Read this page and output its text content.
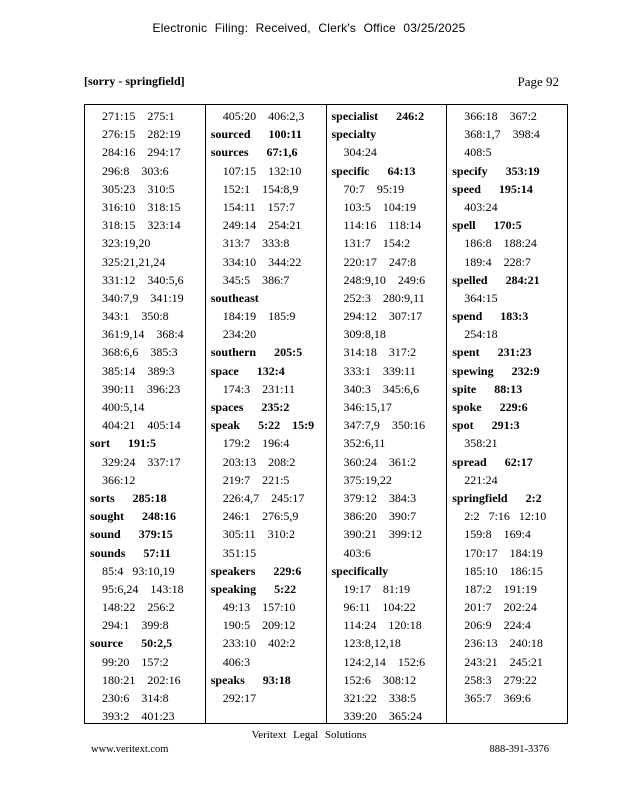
Electronic Filing: Received, Clerk's Office 03/25/2025
[sorry - springfield]	Page 92
271:15    275:1
276:15    282:19
284:16    294:17
296:8    303:6
305:23    310:5
316:10    318:15
318:15    323:14
323:19,20
325:21,21,24
331:12    340:5,6
340:7,9    341:19
343:1    350:8
361:9,14    368:4
368:6,6    385:3
385:14    389:3
390:11    396:23
400:5,14
404:21    405:14
sort      191:5
329:24    337:17
366:12
sorts      285:18
sought      248:16
sound      379:15
sounds      57:11
85:4   93:10,19
95:6,24    143:18
148:22    256:2
294:1    399:8
source      50:2,5
99:20    157:2
180:21    202:16
230:6    314:8
393:2    401:23
405:20    406:2,3
sourced      100:11
sources      67:1,6
107:15    132:10
152:1    154:8,9
154:11    157:7
249:14    254:21
313:7    333:8
334:10    344:22
345:5    386:7
southeast
184:19    185:9
234:20
southern      205:5
space      132:4
174:3    231:11
spaces      235:2
speak      5:22    15:9
179:2    196:4
203:13    208:2
219:7    221:5
226:4,7    245:17
246:1    276:5,9
305:11    310:2
351:15
speakers      229:6
speaking      5:22
49:13    157:10
190:5    209:12
233:10    402:2
406:3
speaks      93:18
292:17
specialist      246:2
specialty
304:24
specific      64:13
70:7    95:19
103:5    104:19
114:16    118:14
131:7    154:2
220:17    247:8
248:9,10    249:6
252:3    280:9,11
294:12    307:17
309:8,18
314:18    317:2
333:1    339:11
340:3    345:6,6
346:15,17
347:7,9    350:16
352:6,11
360:24    361:2
375:19,22
379:12    384:3
386:20    390:7
390:21    399:12
403:6
specifically
19:17    81:19
96:11    104:22
114:24    120:18
123:8,12,18
124:2,14    152:6
152:6    308:12
321:22    338:5
339:20    365:24
366:18    367:2
368:1,7    398:4
408:5
specify      353:19
speed      195:14
403:24
spell      170:5
186:8    188:24
189:4    228:7
spelled      284:21
364:15
spend      183:3
254:18
spent      231:23
spewing      232:9
spite      88:13
spoke      229:6
spot      291:3
358:21
spread      62:17
221:24
springfield      2:2
2:2   7:16   12:10
159:8    169:4
170:17    184:19
185:10    186:15
187:2    191:19
201:7    202:24
206:9    224:4
236:13    240:18
243:21    245:21
258:3    279:22
365:7    369:6
Veritext Legal Solutions
www.veritext.com	888-391-3376
